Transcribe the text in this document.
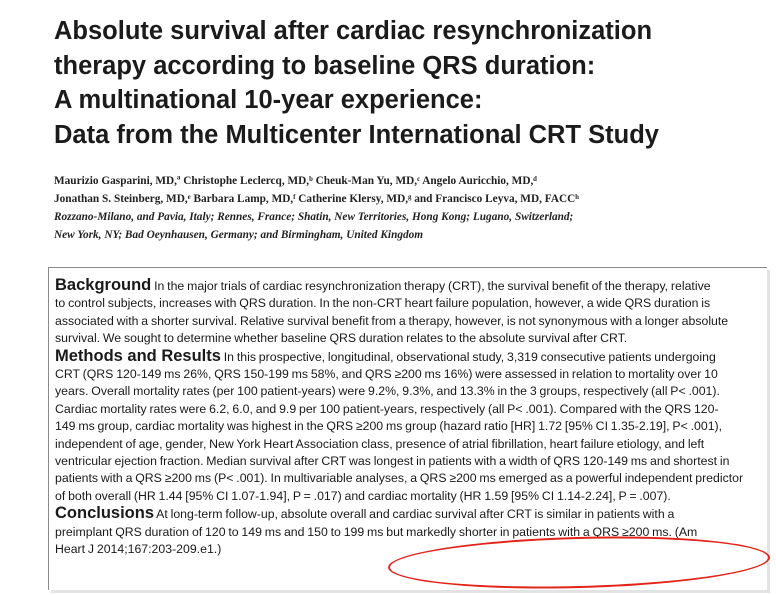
Absolute survival after cardiac resynchronization
therapy according to baseline QRS duration:
A multinational 10-year experience:
Data from the Multicenter International CRT Study
Maurizio Gasparini, MD,ª Christophe Leclercq, MD,ᵇ Cheuk-Man Yu, MD,ᶜ Angelo Auricchio, MD,ᵈ
Jonathan S. Steinberg, MD,ᵉ Barbara Lamp, MD,ᶠ Catherine Klersy, MD,ᵍ and Francisco Leyva, MD, FACCʰ
Rozzano-Milano, and Pavia, Italy; Rennes, France; Shatin, New Territories, Hong Kong; Lugano, Switzerland;
New York, NY; Bad Oeynhausen, Germany; and Birmingham, United Kingdom
Background In the major trials of cardiac resynchronization therapy (CRT), the survival benefit of the therapy, relative
to control subjects, increases with QRS duration. In the non-CRT heart failure population, however, a wide QRS duration is
associated with a shorter survival. Relative survival benefit from a therapy, however, is not synonymous with a longer absolute
survival. We sought to determine whether baseline QRS duration relates to the absolute survival after CRT.
Methods and Results In this prospective, longitudinal, observational study, 3,319 consecutive patients undergoing
CRT (QRS 120-149 ms 26%, QRS 150-199 ms 58%, and QRS ≥200 ms 16%) were assessed in relation to mortality over 10
years. Overall mortality rates (per 100 patient-years) were 9.2%, 9.3%, and 13.3% in the 3 groups, respectively (all P< .001).
Cardiac mortality rates were 6.2, 6.0, and 9.9 per 100 patient-years, respectively (all P< .001). Compared with the QRS 120-
149 ms group, cardiac mortality was highest in the QRS ≥200 ms group (hazard ratio [HR] 1.72 [95% CI 1.35-2.19], P< .001),
independent of age, gender, New York Heart Association class, presence of atrial fibrillation, heart failure etiology, and left
ventricular ejection fraction. Median survival after CRT was longest in patients with a width of QRS 120-149 ms and shortest in
patients with a QRS ≥200 ms (P< .001). In multivariable analyses, a QRS ≥200 ms emerged as a powerful independent predictor
of both overall (HR 1.44 [95% CI 1.07-1.94], P = .017) and cardiac mortality (HR 1.59 [95% CI 1.14-2.24], P = .007).
Conclusions At long-term follow-up, absolute overall and cardiac survival after CRT is similar in patients with a
preimplant QRS duration of 120 to 149 ms and 150 to 199 ms but markedly shorter in patients with a QRS ≥200 ms. (Am
Heart J 2014;167:203-209.e1.)
